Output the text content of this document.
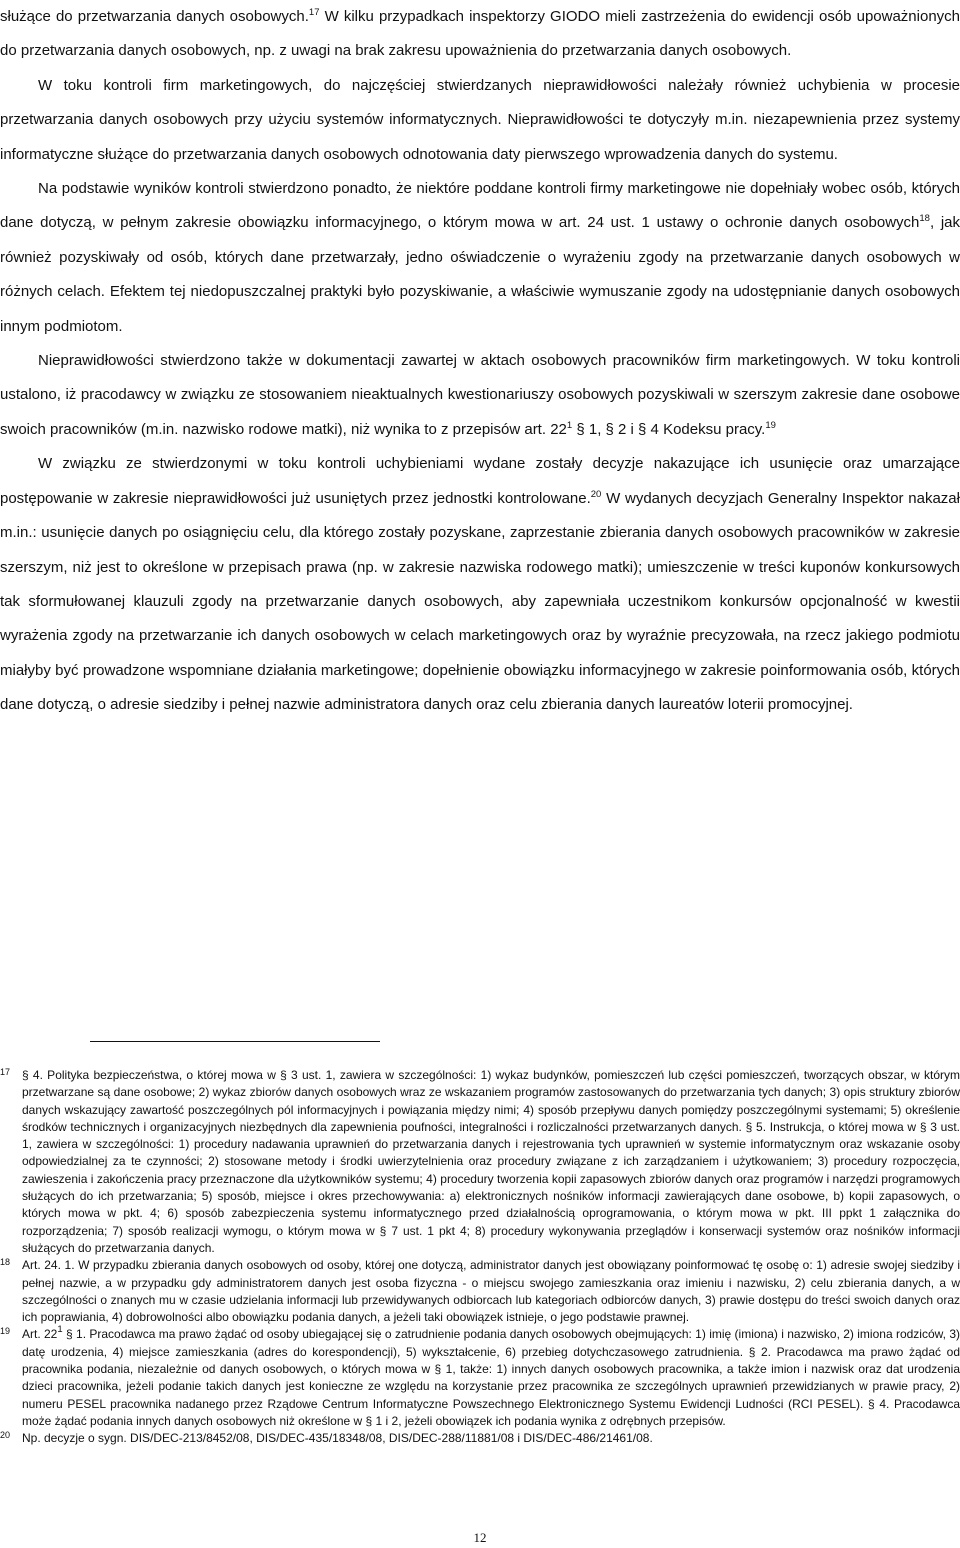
służące do przetwarzania danych osobowych.$^{17}$ W kilku przypadkach inspektorzy GIODO mieli zastrzeżenia do ewidencji osób upoważnionych do przetwarzania danych osobowych, np. z uwagi na brak zakresu upoważnienia do przetwarzania danych osobowych.

W toku kontroli firm marketingowych, do najczęściej stwierdzanych nieprawidłowości należały również uchybienia w procesie przetwarzania danych osobowych przy użyciu systemów informatycznych. Nieprawidłowości te dotyczyły m.in. niezapewnienia przez systemy informatyczne służące do przetwarzania danych osobowych odnotowania daty pierwszego wprowadzenia danych do systemu.

Na podstawie wyników kontroli stwierdzono ponadto, że niektóre poddane kontroli firmy marketingowe nie dopełniały wobec osób, których dane dotyczą, w pełnym zakresie obowiązku informacyjnego, o którym mowa w art. 24 ust. 1 ustawy o ochronie danych osobowych$^{18}$, jak również pozyskiwały od osób, których dane przetwarzały, jedno oświadczenie o wyrażeniu zgody na przetwarzanie danych osobowych w różnych celach. Efektem tej niedopuszczalnej praktyki było pozyskiwanie, a właściwie wymuszanie zgody na udostępnianie danych osobowych innym podmiotom.

Nieprawidłowości stwierdzono także w dokumentacji zawartej w aktach osobowych pracowników firm marketingowych. W toku kontroli ustalono, iż pracodawcy w związku ze stosowaniem nieaktualnych kwestionariuszy osobowych pozyskiwali w szerszym zakresie dane osobowe swoich pracowników (m.in. nazwisko rodowe matki), niż wynika to z przepisów art. $22^1$ § 1, § 2 i § 4 Kodeksu pracy.$^{19}$

W związku ze stwierdzonymi w toku kontroli uchybieniami wydane zostały decyzje nakazujące ich usunięcie oraz umarzające postępowanie w zakresie nieprawidłowości już usuniętych przez jednostki kontrolowane.$^{20}$ W wydanych decyzjach Generalny Inspektor nakazał m.in.: usunięcie danych po osiągnięciu celu, dla którego zostały pozyskane, zaprzestanie zbierania danych osobowych pracowników w zakresie szerszym, niż jest to określone w przepisach prawa (np. w zakresie nazwiska rodowego matki); umieszczenie w treści kuponów konkursowych tak sformułowanej klauzuli zgody na przetwarzanie danych osobowych, aby zapewniała uczestnikom konkursów opcjonalność w kwestii wyrażenia zgody na przetwarzanie ich danych osobowych w celach marketingowych oraz by wyraźnie precyzowała, na rzecz jakiego podmiotu miałyby być prowadzone wspomniane działania marketingowe; dopełnienie obowiązku informacyjnego w zakresie poinformowania osób, których dane dotyczą, o adresie siedziby i pełnej nazwie administratora danych oraz celu zbierania danych laureatów loterii promocyjnej.

17 § 4. Polityka bezpieczeństwa, o której mowa w § 3 ust. 1, zawiera w szczególności: 1) wykaz budynków, pomieszczeń lub części pomieszczeń, tworzących obszar, w którym przetwarzane są dane osobowe; 2) wykaz zbiorów danych osobowych wraz ze wskazaniem programów zastosowanych do przetwarzania tych danych; 3) opis struktury zbiorów danych wskazujący zawartość poszczególnych pól informacyjnych i powiązania między nimi; 4) sposób przepływu danych pomiędzy poszczególnymi systemami; 5) określenie środków technicznych i organizacyjnych niezbędnych dla zapewnienia poufności, integralności i rozliczalności przetwarzanych danych. § 5. Instrukcja, o której mowa w § 3 ust. 1, zawiera w szczególności: 1) procedury nadawania uprawnień do przetwarzania danych i rejestrowania tych uprawnień w systemie informatycznym oraz wskazanie osoby odpowiedzialnej za te czynności; 2) stosowane metody i środki uwierzytelnienia oraz procedury związane z ich zarządzaniem i użytkowaniem; 3) procedury rozpoczęcia, zawieszenia i zakończenia pracy przeznaczone dla użytkowników systemu; 4) procedury tworzenia kopii zapasowych zbiorów danych oraz programów i narzędzi programowych służących do ich przetwarzania; 5) sposób, miejsce i okres przechowywania: a) elektronicznych nośników informacji zawierających dane osobowe, b) kopii zapasowych, o których mowa w pkt. 4; 6) sposób zabezpieczenia systemu informatycznego przed działalnością oprogramowania, o którym mowa w pkt. III ppkt 1 załącznika do rozporządzenia; 7) sposób realizacji wymogu, o którym mowa w § 7 ust. 1 pkt 4; 8) procedury wykonywania przeglądów i konserwacji systemów oraz nośników informacji służących do przetwarzania danych.
18 Art. 24. 1. W przypadku zbierania danych osobowych od osoby, której one dotyczą, administrator danych jest obowiązany poinformować tę osobę o: 1) adresie swojej siedziby i pełnej nazwie, a w przypadku gdy administratorem danych jest osoba fizyczna - o miejscu swojego zamieszkania oraz imieniu i nazwisku, 2) celu zbierania danych, a w szczególności o znanych mu w czasie udzielania informacji lub przewidywanych odbiorcach lub kategoriach odbiorców danych, 3) prawie dostępu do treści swoich danych oraz ich poprawiania, 4) dobrowolności albo obowiązku podania danych, a jeżeli taki obowiązek istnieje, o jego podstawie prawnej.
19 Art. $22^1$ § 1. Pracodawca ma prawo żądać od osoby ubiegającej się o zatrudnienie podania danych osobowych obejmujących: 1) imię (imiona) i nazwisko, 2) imiona rodziców, 3) datę urodzenia, 4) miejsce zamieszkania (adres do korespondencji), 5) wykształcenie, 6) przebieg dotychczasowego zatrudnienia. § 2. Pracodawca ma prawo żądać od pracownika podania, niezależnie od danych osobowych, o których mowa w § 1, także: 1) innych danych osobowych pracownika, a także imion i nazwisk oraz dat urodzenia dzieci pracownika, jeżeli podanie takich danych jest konieczne ze względu na korzystanie przez pracownika ze szczególnych uprawnień przewidzianych w prawie pracy, 2) numeru PESEL pracownika nadanego przez Rządowe Centrum Informatyczne Powszechnego Elektronicznego Systemu Ewidencji Ludności (RCI PESEL). § 4. Pracodawca może żądać podania innych danych osobowych niż określone w § 1 i 2, jeżeli obowiązek ich podania wynika z odrębnych przepisów.
20 Np. decyzje o sygn. DIS/DEC-213/8452/08, DIS/DEC-435/18348/08, DIS/DEC-288/11881/08 i DIS/DEC-486/21461/08.
12
